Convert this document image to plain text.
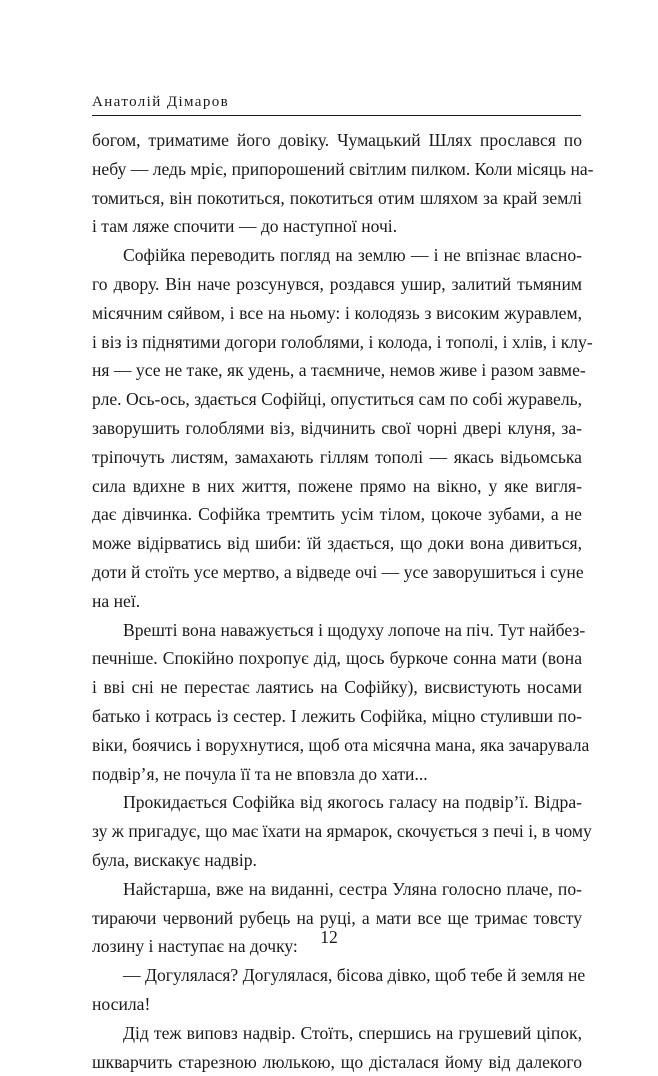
Анатолій Дімаров
богом, триматиме його довіку. Чумацький Шлях прослався по
небу — ледь мріє, припорошений світлим пилком. Коли місяць на-
томиться, він покотиться, покотиться отим шляхом за край землі
і там ляже спочити — до наступної ночі.
Софійка переводить погляд на землю — і не впізнає власно-
го двору. Він наче розсунувся, роздався ушир, залитий тьмяним
місячним сяйвом, і все на ньому: і колодязь з високим журавлем,
і віз із піднятими догори голоблями, і колода, і тополі, і хлів, і клу-
ня — усе не таке, як удень, а таємниче, немов живе і разом завме-
рле. Ось-ось, здається Софійці, опуститься сам по собі журавель,
заворушить голоблями віз, відчинить свої чорні двері клуня, за-
тріпочуть листям, замахають гіллям тополі — якась відьомська
сила вдихне в них життя, пожене прямо на вікно, у яке вигля-
дає дівчинка. Софійка тремтить усім тілом, цокоче зубами, а не
може відірватись від шиби: їй здається, що доки вона дивиться,
доти й стоїть усе мертво, а відведе очі — усе заворушиться і суне
на неї.
Врешті вона наважується і щодуху лопоче на піч. Тут найбез-
печніше. Спокійно похропує дід, щось буркоче сонна мати (вона
і вві сні не перестає лаятись на Софійку), висвистують носами
батько і котрась із сестер. І лежить Софійка, міцно стуливши по-
віки, боячись і ворухнутися, щоб ота місячна мана, яка зачарувала
подвір’я, не почула її та не вповзла до хати...
Прокидається Софійка від якогось галасу на подвір’ї. Відра-
зу ж пригадує, що має їхати на ярмарок, скочується з печі і, в чому
була, вискакує надвір.
Найстарша, вже на виданні, сестра Уляна голосно плаче, по-
тираючи червоний рубець на руці, а мати все ще тримає товсту
лозину і наступає на дочку:
— Догулялася? Догулялася, бісова дівко, щоб тебе й земля не
носила!
Дід теж виповз надвір. Стоїть, спершись на грушевий ціпок,
шкварчить старезною люлькою, що дісталася йому від далекого
12
